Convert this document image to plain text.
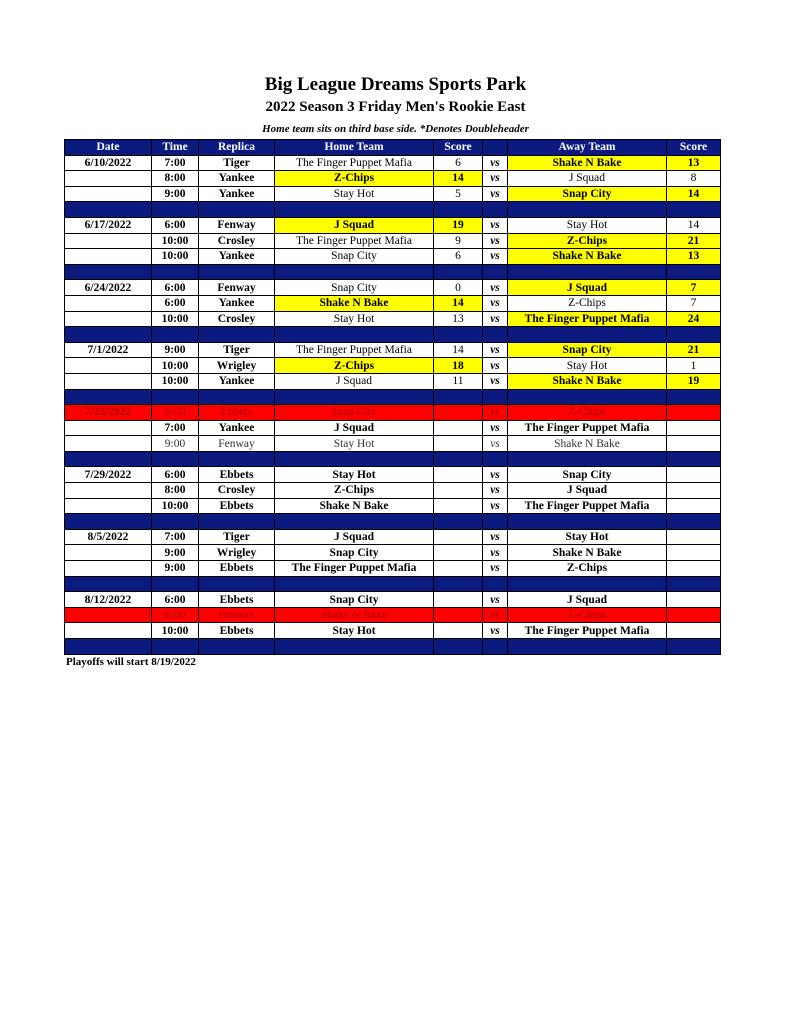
Big League Dreams Sports Park
2022 Season 3 Friday Men's Rookie East
Home team sits on third base side. *Denotes Doubleheader
Date	Time	Replica	Home Team	Score		Away Team	Score
6/10/2022	7:00	Tiger	The Finger Puppet Mafia	6	vs	Shake N Bake	13
	8:00	Yankee	Z-Chips	14	vs	J Squad	8
	9:00	Yankee	Stay Hot	5	vs	Snap City	14

6/17/2022	6:00	Fenway	J Squad	19	vs	Stay Hot	14
	10:00	Crosley	The Finger Puppet Mafia	9	vs	Z-Chips	21
	10:00	Yankee	Snap City	6	vs	Shake N Bake	13

6/24/2022	6:00	Fenway	Snap City	0	vs	J Squad	7
	6:00	Yankee	Shake N Bake	14	vs	Z-Chips	7
	10:00	Crosley	Stay Hot	13	vs	The Finger Puppet Mafia	24

7/1/2022	9:00	Tiger	The Finger Puppet Mafia	14	vs	Snap City	21
	10:00	Wrigley	Z-Chips	18	vs	Stay Hot	1
	10:00	Yankee	J Squad	11	vs	Shake N Bake	19

7/22/2022	6:00	Ebbets	Snap City		vs	Z-Chips	
	7:00	Yankee	J Squad		vs	The Finger Puppet Mafia	
	9:00	Fenway	Stay Hot		vs	Shake N Bake	

7/29/2022	6:00	Ebbets	Stay Hot		vs	Snap City	
	8:00	Crosley	Z-Chips		vs	J Squad	
	10:00	Ebbets	Shake N Bake		vs	The Finger Puppet Mafia	

8/5/2022	7:00	Tiger	J Squad		vs	Stay Hot	
	9:00	Wrigley	Snap City		vs	Shake N Bake	
	9:00	Ebbets	The Finger Puppet Mafia		vs	Z-Chips	

8/12/2022	6:00	Ebbets	Snap City		vs	J Squad	
	6:00	Fenway	Shake N Bake		vs	Z-Chips	
	10:00	Ebbets	Stay Hot		vs	The Finger Puppet Mafia	

Playoffs will start 8/19/2022
